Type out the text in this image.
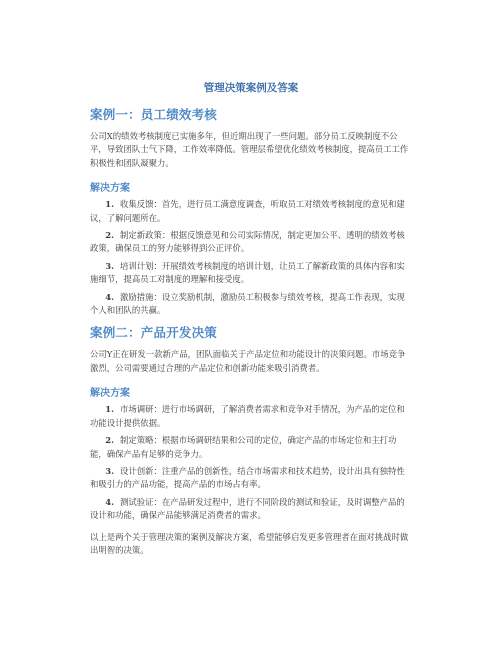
管理决策案例及答案
案例一：员工绩效考核

公司X的绩效考核制度已实施多年，但近期出现了一些问题。部分员工反映制度不公平，导致团队士气下降，工作效率降低。管理层希望优化绩效考核制度，提高员工工作积极性和团队凝聚力。

解决方案
1. 收集反馈：首先，进行员工满意度调查，听取员工对绩效考核制度的意见和建议，了解问题所在。
2. 制定新政策：根据反馈意见和公司实际情况，制定更加公平、透明的绩效考核政策，确保员工的努力能够得到公正评价。
3. 培训计划：开展绩效考核制度的培训计划，让员工了解新政策的具体内容和实施细节，提高员工对制度的理解和接受度。
4. 激励措施：设立奖励机制，激励员工积极参与绩效考核，提高工作表现，实现个人和团队的共赢。
案例二：产品开发决策

公司Y正在研发一款新产品，团队面临关于产品定位和功能设计的决策问题。市场竞争激烈，公司需要通过合理的产品定位和创新功能来吸引消费者。

解决方案
1. 市场调研：进行市场调研，了解消费者需求和竞争对手情况，为产品的定位和功能设计提供依据。
2. 制定策略：根据市场调研结果和公司的定位，确定产品的市场定位和主打功能，确保产品有足够的竞争力。
3. 设计创新：注重产品的创新性，结合市场需求和技术趋势，设计出具有独特性和吸引力的产品功能，提高产品的市场占有率。
4. 测试验证：在产品研发过程中，进行不同阶段的测试和验证，及时调整产品的设计和功能，确保产品能够满足消费者的需求。

以上是两个关于管理决策的案例及解决方案，希望能够启发更多管理者在面对挑战时做出明智的决策。
